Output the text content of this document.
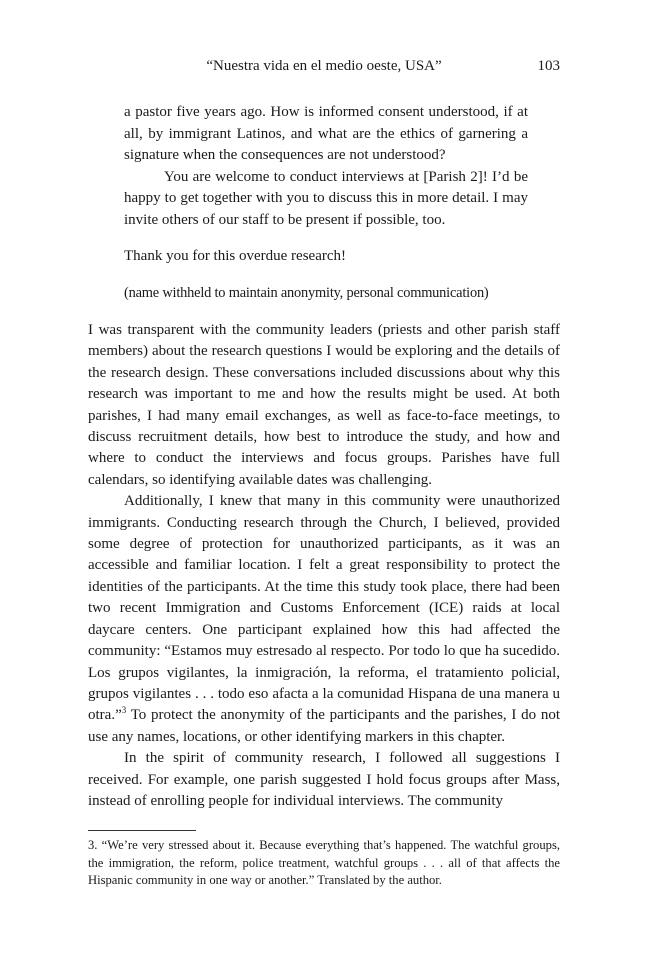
“Nuestra vida en el medio oeste, USA”	103

a pastor five years ago. How is informed consent understood, if at all, by immigrant Latinos, and what are the ethics of garnering a signature when the consequences are not understood?

You are welcome to conduct interviews at [Parish 2]! I’d be happy to get together with you to discuss this in more detail. I may invite others of our staff to be present if possible, too.

Thank you for this overdue research!

(name withheld to maintain anonymity, personal communication)

I was transparent with the community leaders (priests and other parish staff members) about the research questions I would be exploring and the details of the research design. These conversations included discussions about why this research was important to me and how the results might be used. At both parishes, I had many email exchanges, as well as face-to-face meetings, to discuss recruitment details, how best to introduce the study, and how and where to conduct the interviews and focus groups. Parishes have full calendars, so identifying available dates was challenging.

Additionally, I knew that many in this community were unauthorized immigrants. Conducting research through the Church, I believed, provided some degree of protection for unauthorized participants, as it was an accessible and familiar location. I felt a great responsibility to protect the identities of the participants. At the time this study took place, there had been two recent Immigration and Customs Enforcement (ICE) raids at local daycare centers. One participant explained how this had affected the community: “Estamos muy estresado al respecto. Por todo lo que ha sucedido. Los grupos vigilantes, la inmigración, la reforma, el tratamiento policial, grupos vigilantes . . . todo eso afacta a la comunidad Hispana de una manera u otra.”$^3$ To protect the anonymity of the participants and the parishes, I do not use any names, locations, or other identifying markers in this chapter.

In the spirit of community research, I followed all suggestions I received. For example, one parish suggested I hold focus groups after Mass, instead of enrolling people for individual interviews. The community

3. “We’re very stressed about it. Because everything that’s happened. The watchful groups, the immigration, the reform, police treatment, watchful groups . . . all of that affects the Hispanic community in one way or another.” Translated by the author.
